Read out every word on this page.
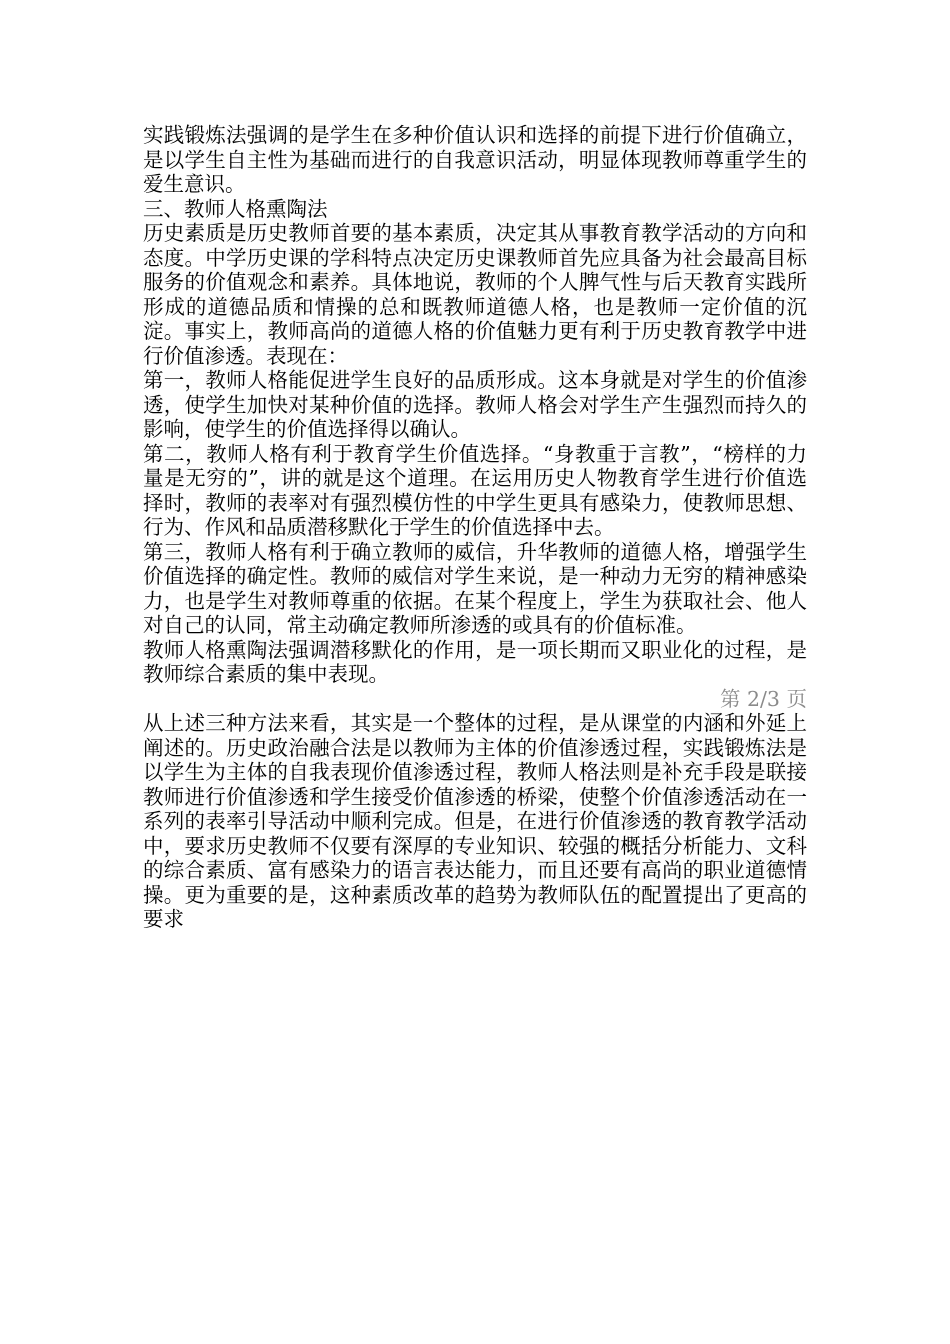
实践锻炼法强调的是学生在多种价值认识和选择的前提下进行价值确立，是以学生自主性为基础而进行的自我意识活动，明显体现教师尊重学生的爱生意识。

三、教师人格熏陶法

历史素质是历史教师首要的基本素质，决定其从事教育教学活动的方向和态度。中学历史课的学科特点决定历史课教师首先应具备为社会最高目标服务的价值观念和素养。具体地说，教师的个人脾气性与后天教育实践所形成的道德品质和情操的总和既教师道德人格，也是教师一定价值的沉淀。事实上，教师高尚的道德人格的价值魅力更有利于历史教育教学中进行价值渗透。表现在：

第一，教师人格能促进学生良好的品质形成。这本身就是对学生的价值渗透，使学生加快对某种价值的选择。教师人格会对学生产生强烈而持久的影响，使学生的价值选择得以确认。

第二，教师人格有利于教育学生价值选择。“身教重于言教”，“榜样的力量是无穷的”，讲的就是这个道理。在运用历史人物教育学生进行价值选择时，教师的表率对有强烈模仿性的中学生更具有感染力，使教师思想、行为、作风和品质潜移默化于学生的价值选择中去。

第三，教师人格有利于确立教师的威信，升华教师的道德人格，增强学生价值选择的确定性。教师的威信对学生来说，是一种动力无穷的精神感染力，也是学生对教师尊重的依据。在某个程度上，学生为获取社会、他人对自己的认同，常主动确定教师所渗透的或具有的价值标准。

教师人格熏陶法强调潜移默化的作用，是一项长期而又职业化的过程，是教师综合素质的集中表现。

第 2/3 页

从上述三种方法来看，其实是一个整体的过程，是从课堂的内涵和外延上阐述的。历史政治融合法是以教师为主体的价值渗透过程，实践锻炼法是以学生为主体的自我表现价值渗透过程，教师人格法则是补充手段是联接教师进行价值渗透和学生接受价值渗透的桥梁，使整个价值渗透活动在一系列的表率引导活动中顺利完成。但是，在进行价值渗透的教育教学活动中，要求历史教师不仅要有深厚的专业知识、较强的概括分析能力、文科的综合素质、富有感染力的语言表达能力，而且还要有高尚的职业道德情操。更为重要的是，这种素质改革的趋势为教师队伍的配置提出了更高的要求
